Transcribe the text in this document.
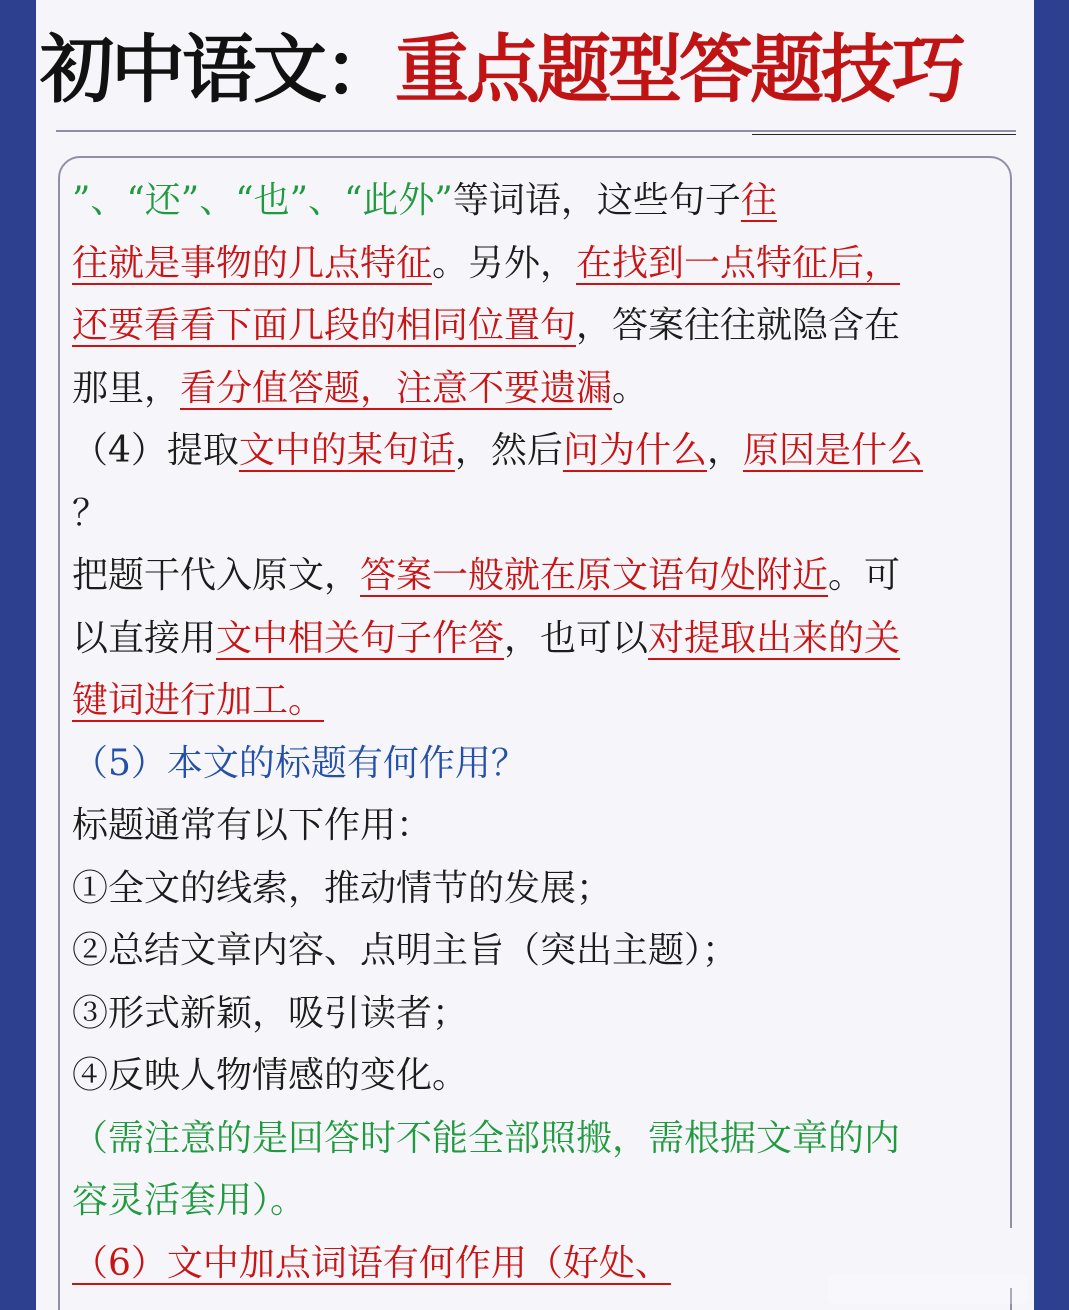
初中语文：重点题型答题技巧
”、“还”、“也”、“此外”等词语，这些句子往
往就是事物的几点特征。另外，在找到一点特征后，
还要看看下面几段的相同位置句，答案往往就隐含在
那里，看分值答题，注意不要遗漏。
（4）提取文中的某句话，然后问为什么，原因是什么
？
把题干代入原文，答案一般就在原文语句处附近。可
以直接用文中相关句子作答，也可以对提取出来的关
键词进行加工。
（5）本文的标题有何作用？
标题通常有以下作用：
①全文的线索，推动情节的发展；
②总结文章内容、点明主旨（突出主题）；
③形式新颖，吸引读者；
④反映人物情感的变化。
（需注意的是回答时不能全部照搬，需根据文章的内
容灵活套用）。
（6）文中加点词语有何作用（好处、
